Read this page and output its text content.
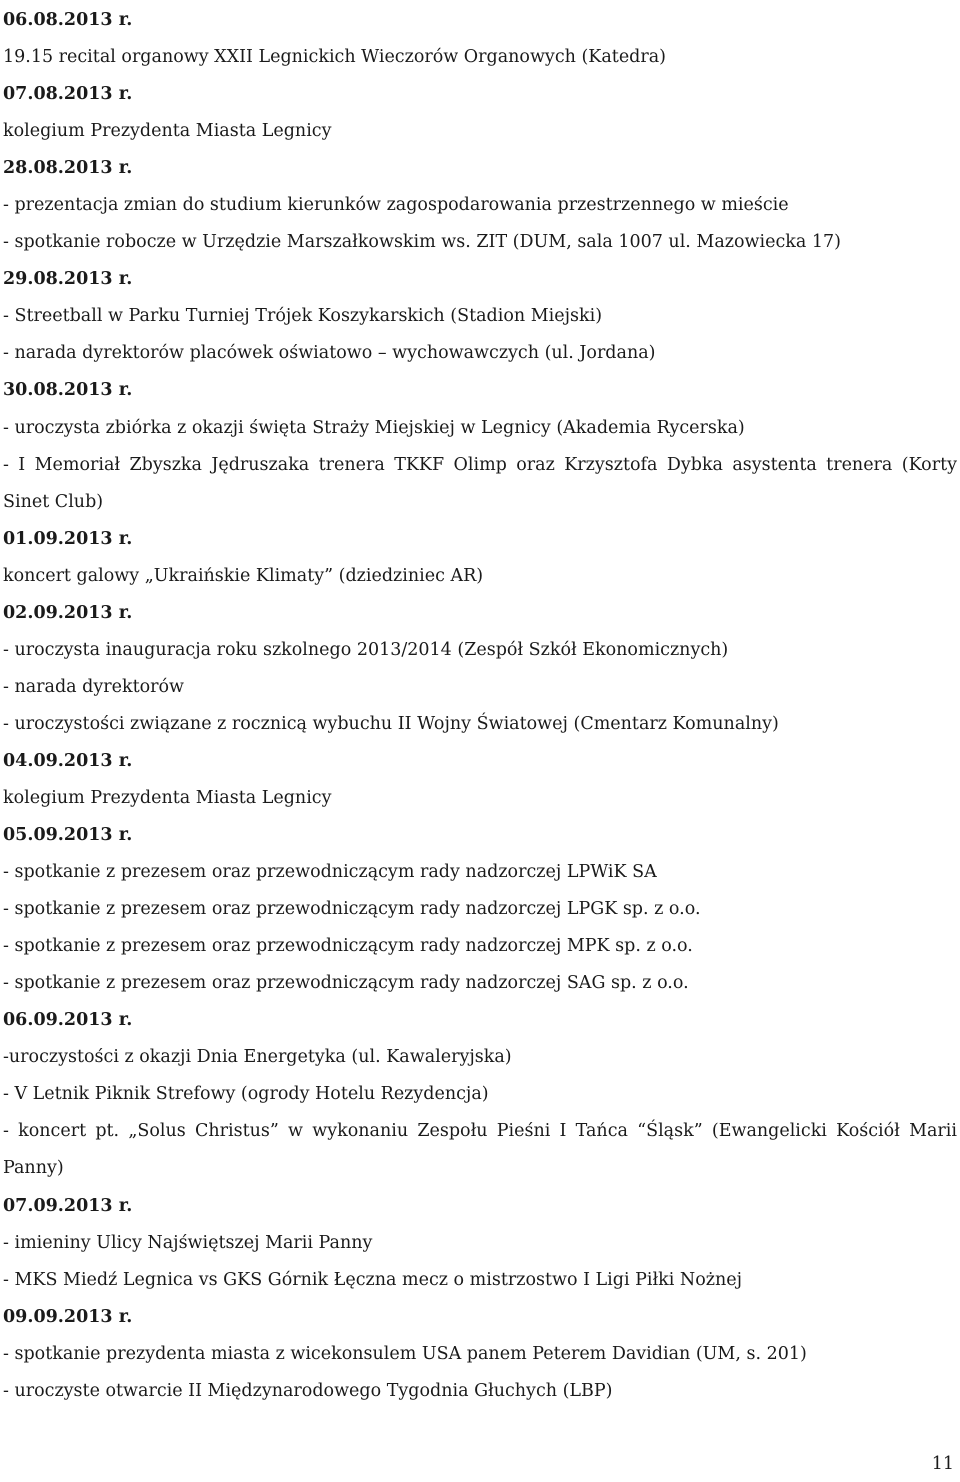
06.08.2013 r.
19.15 recital organowy XXII Legnickich Wieczorów Organowych (Katedra)
07.08.2013 r.
kolegium Prezydenta Miasta Legnicy
28.08.2013 r.
- prezentacja zmian do studium kierunków zagospodarowania przestrzennego w mieście
- spotkanie robocze w Urzędzie Marszałkowskim ws. ZIT (DUM, sala 1007 ul. Mazowiecka 17)
29.08.2013 r.
- Streetball w Parku Turniej Trójek Koszykarskich (Stadion Miejski)
- narada dyrektorów placówek oświatowo – wychowawczych (ul. Jordana)
30.08.2013 r.
- uroczysta zbiórka z okazji święta Straży Miejskiej w Legnicy (Akademia Rycerska)
- I Memoriał Zbyszka Jędruszaka trenera TKKF Olimp oraz Krzysztofa Dybka asystenta trenera (Korty Sinet Club)
01.09.2013 r.
koncert galowy „Ukraińskie Klimaty” (dziedziniec AR)
02.09.2013 r.
- uroczysta inauguracja roku szkolnego 2013/2014 (Zespół Szkół Ekonomicznych)
- narada dyrektorów
- uroczystości związane z rocznicą wybuchu II Wojny Światowej (Cmentarz Komunalny)
04.09.2013 r.
kolegium Prezydenta Miasta Legnicy
05.09.2013 r.
- spotkanie z prezesem oraz przewodniczącym rady nadzorczej LPWiK SA
- spotkanie z prezesem oraz przewodniczącym rady nadzorczej LPGK sp. z o.o.
- spotkanie z prezesem oraz przewodniczącym rady nadzorczej MPK sp. z o.o.
- spotkanie z prezesem oraz przewodniczącym rady nadzorczej SAG sp. z o.o.
06.09.2013 r.
-uroczystości z okazji Dnia Energetyka (ul. Kawaleryjska)
- V Letnik Piknik Strefowy (ogrody Hotelu Rezydencja)
- koncert pt. „Solus Christus” w wykonaniu Zespołu Pieśni I Tańca “Śląsk” (Ewangelicki Kościół Marii Panny)
07.09.2013 r.
- imieniny Ulicy Najświętszej Marii Panny
- MKS Miedź Legnica vs GKS Górnik Łęczna mecz o mistrzostwo I Ligi Piłki Nożnej
09.09.2013 r.
- spotkanie prezydenta miasta z wicekonsulem USA panem Peterem Davidian (UM, s. 201)
- uroczyste otwarcie II Międzynarodowego Tygodnia Głuchych (LBP)
11
